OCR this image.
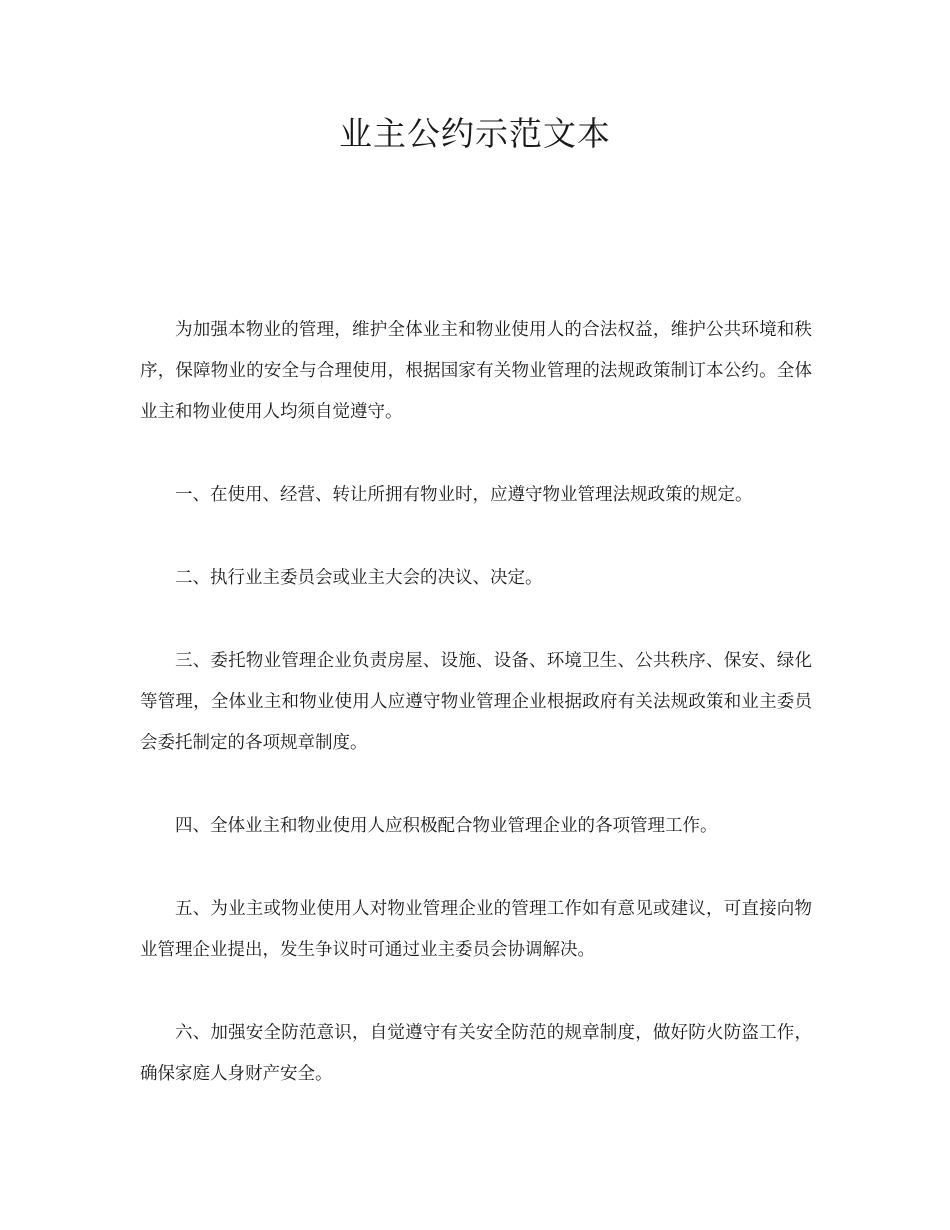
业主公约示范文本

为加强本物业的管理，维护全体业主和物业使用人的合法权益，维护公共环境和秩序，保障物业的安全与合理使用，根据国家有关物业管理的法规政策制订本公约。全体业主和物业使用人均须自觉遵守。

一、在使用、经营、转让所拥有物业时，应遵守物业管理法规政策的规定。

二、执行业主委员会或业主大会的决议、决定。

三、委托物业管理企业负责房屋、设施、设备、环境卫生、公共秩序、保安、绿化等管理，全体业主和物业使用人应遵守物业管理企业根据政府有关法规政策和业主委员会委托制定的各项规章制度。

四、全体业主和物业使用人应积极配合物业管理企业的各项管理工作。

五、为业主或物业使用人对物业管理企业的管理工作如有意见或建议，可直接向物业管理企业提出，发生争议时可通过业主委员会协调解决。

六、加强安全防范意识，自觉遵守有关安全防范的规章制度，做好防火防盗工作，确保家庭人身财产安全。
